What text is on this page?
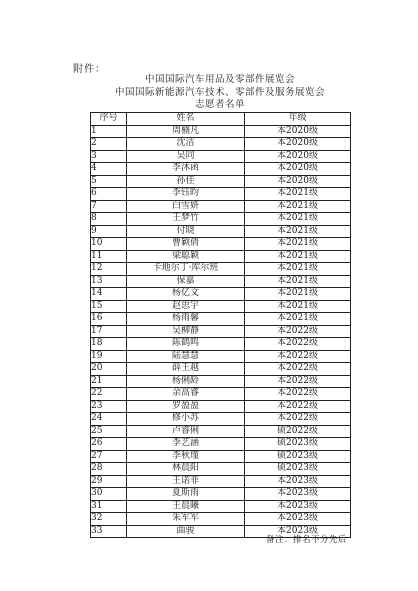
附件：
中国国际汽车用品及零部件展览会
中国国际新能源汽车技术、零部件及服务展览会
志愿者名单
序号	姓名	年级
1	周楠凡	本2020级
2	沈洁	本2020级
3	吴同	本2020级
4	李沐函	本2020级
5	孙佳	本2020级
6	李钰昀	本2021级
7	白雪妍	本2021级
8	王梦竹	本2021级
9	付晓	本2021级
10	曹颖倩	本2021级
11	梁聪颖	本2021级
12	卡地尔丁·库尔班	本2021级
13	保嘉	本2021级
14	杨亿文	本2021级
15	赵思宇	本2021级
16	杨雨馨	本2021级
17	吴柳静	本2022级
18	陈鹤鸣	本2022级
19	陆慧慧	本2022级
20	薛王越	本2022级
21	杨俐龄	本2022级
22	余高睿	本2022级
23	罗盈盈	本2022级
24	修小苏	本2022级
25	卢睿俐	硕2022级
26	李艺涵	硕2023级
27	李秋瑾	硕2023级
28	林晨阳	硕2023级
29	王诺菲	本2023级
30	夏斯雨	本2023级
31	王晨曦	本2023级
32	朱军军	本2023级
33	曲骏	本2023级
备注：排名不分先后
